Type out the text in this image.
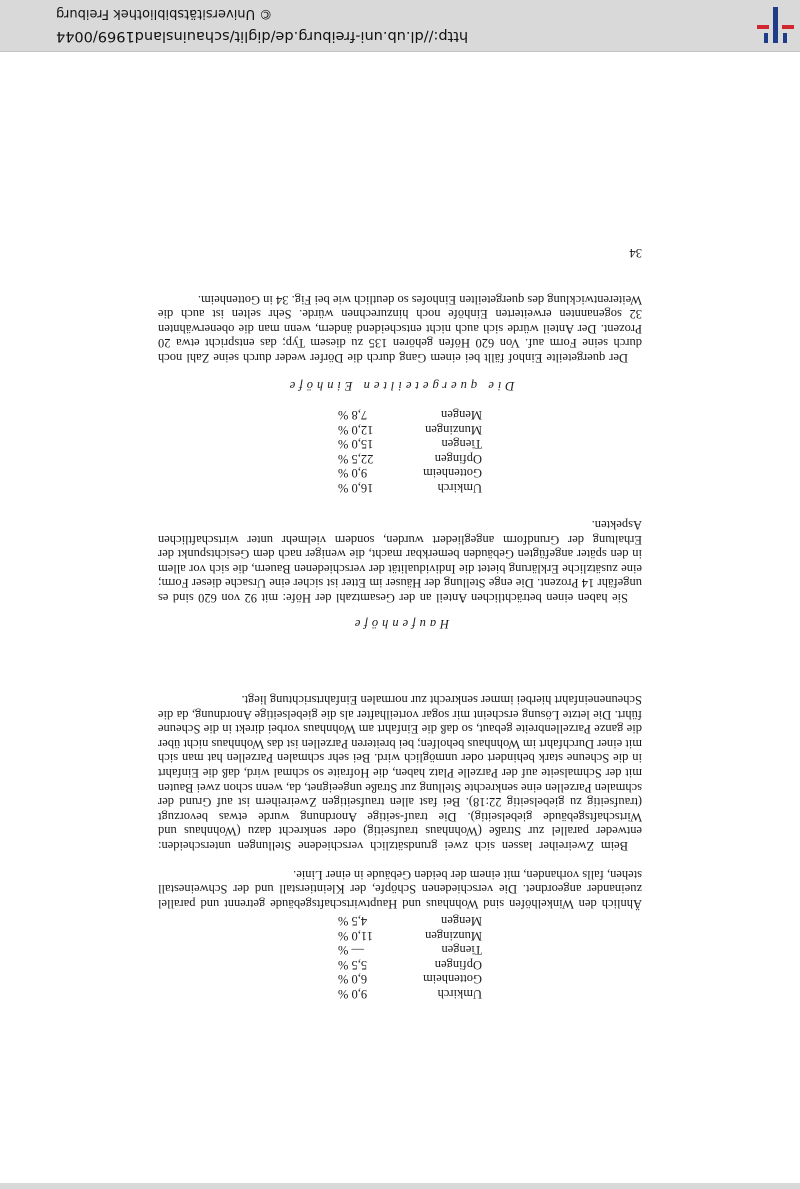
Umkirch
9,0 %
Gottenheim
6,0 %
Opfingen
5,5 %
Tiengen
— %
Munzingen
11,0 %
Mengen
4,5 %
Ähnlich den Winkelhöfen sind Wohnhaus und Hauptwirtschaftsgebäude getrennt und parallel zueinander angeordnet. Die verschiedenen Schöpfe, der Kleintierstall und der Schweinestall stehen, falls vorhanden, mit einem der beiden Gebäude in einer Linie.
Beim Zweireiher lassen sich zwei grundsätzlich verschiedene Stellungen unterscheiden: entweder parallel zur Straße (Wohnhaus traufseitig) oder senkrecht dazu (Wohnhaus und Wirtschaftsgebäude giebelseitig). Die trauf-seitige Anordnung wurde etwas bevorzugt (traufseitig zu giebelseitig 22:18). Bei fast allen traufseitigen Zweireihern ist auf Grund der schmalen Parzellen eine senkrechte Stellung zur Straße ungeeignet, da, wenn schon zwei Bauten mit der Schmalseite auf der Parzelle Platz haben, die Hofraite so schmal wird, daß die Einfahrt in die Scheune stark behindert oder unmöglich wird. Bei sehr schmalen Parzellen hat man sich mit einer Durchfahrt im Wohnhaus beholfen; bei breiteren Parzellen ist das Wohnhaus nicht über die ganze Parzellenbreite gebaut, so daß die Einfahrt am Wohnhaus vorbei direkt in die Scheune führt. Die letzte Lösung erscheint mir sogar vorteilhafter als die giebelseitige Anordnung, da die Scheuneneinfahrt hierbei immer senkrecht zur normalen Einfahrtsrichtung liegt.
Haufenhöfe
Sie haben einen beträchtlichen Anteil an der Gesamtzahl der Höfe: mit 92 von 620 sind es ungefähr 14 Prozent. Die enge Stellung der Häuser im Etter ist sicher eine Ursache dieser Form; eine zusätzliche Erklärung bietet die Individualität der verschiedenen Bauern, die sich vor allem in den später angefügten Gebäuden bemerkbar macht, die weniger nach dem Gesichtspunkt der Erhaltung der Grundform angegliedert wurden, sondern vielmehr unter wirtschaftlichen Aspekten.
Umkirch
16,0 %
Gottenheim
9,0 %
Opfingen
22,5 %
Tiengen
15,0 %
Munzingen
12,0 %
Mengen
7,8 %
Die quergeteilten Einhöfe
Der quergeteilte Einhof fällt bei einem Gang durch die Dörfer weder durch seine Zahl noch durch seine Form auf. Von 620 Höfen gehören 135 zu diesem Typ; das entspricht etwa 20 Prozent. Der Anteil würde sich auch nicht entscheidend ändern, wenn man die obenerwähnten 32 sogenannten erweiterten Einhöfe noch hinzurechnen würde. Sehr selten ist auch die Weiterentwicklung des quergeteilten Einhofes so deutlich wie bei Fig. 34 in Gottenheim.
34
http://dl.ub.uni-freiburg.de/diglit/schauinsland1969/0044
© Universitätsbibliothek Freiburg
